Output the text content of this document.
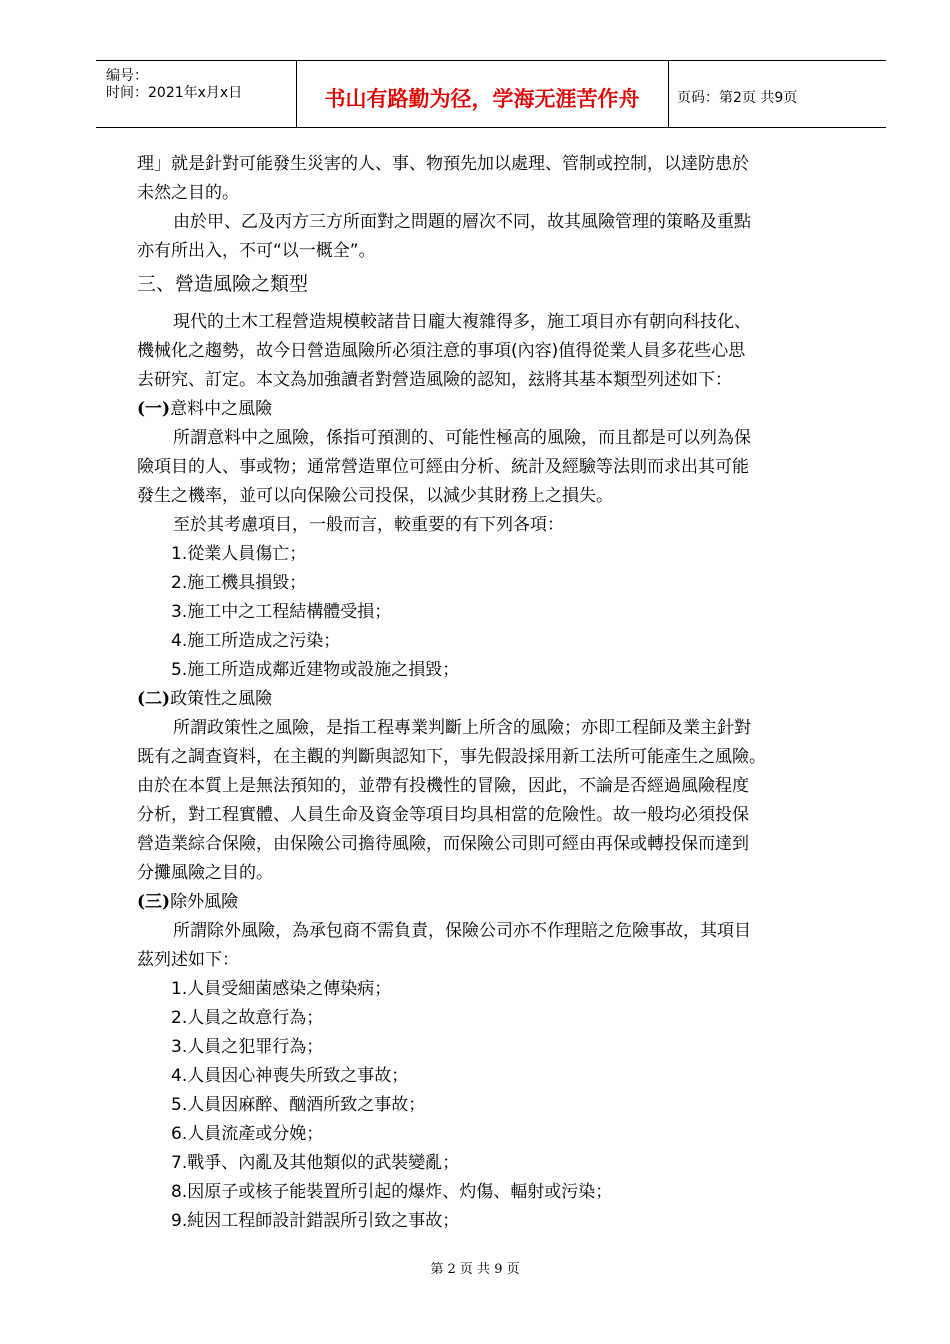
编号：
时间：2021年x月x日	书山有路勤为径，学海无涯苦作舟	页码：第2页 共9页
理」就是針對可能發生災害的人、事、物預先加以處理、管制或控制，以達防患於
未然之目的。
由於甲、乙及丙方三方所面對之問題的層次不同，故其風險管理的策略及重點
亦有所出入，不可“以一概全”。
三、營造風險之類型
現代的土木工程營造規模較諸昔日龐大複雜得多，施工項目亦有朝向科技化、
機械化之趨勢，故今日營造風險所必須注意的事項(內容)值得從業人員多花些心思
去研究、訂定。本文為加強讀者對營造風險的認知，玆將其基本類型列述如下：
(一)意料中之風險
所謂意料中之風險，係指可預測的、可能性極高的風險，而且都是可以列為保
險項目的人、事或物；通常營造單位可經由分析、統計及經驗等法則而求出其可能
發生之機率，並可以向保險公司投保，以減少其財務上之損失。
至於其考慮項目，一般而言，較重要的有下列各項：
1.從業人員傷亡；
2.施工機具損毀；
3.施工中之工程結構體受損；
4.施工所造成之污染；
5.施工所造成鄰近建物或設施之損毀；
(二)政策性之風險
所謂政策性之風險，是指工程專業判斷上所含的風險；亦即工程師及業主針對
既有之調查資料，在主觀的判斷與認知下，事先假設採用新工法所可能產生之風險。
由於在本質上是無法預知的，並帶有投機性的冒險，因此，不論是否經過風險程度
分析，對工程實體、人員生命及資金等項目均具相當的危險性。故一般均必須投保
營造業綜合保險，由保險公司擔待風險，而保險公司則可經由再保或轉投保而達到
分攤風險之目的。
(三)除外風險
所謂除外風險，為承包商不需負責，保險公司亦不作理賠之危險事故，其項目
茲列述如下：
1.人員受細菌感染之傳染病；
2.人員之故意行為；
3.人員之犯罪行為；
4.人員因心神喪失所致之事故；
5.人員因麻醉、酗酒所致之事故；
6.人員流產或分娩；
7.戰爭、內亂及其他類似的武裝變亂；
8.因原子或核子能裝置所引起的爆炸、灼傷、輻射或污染；
9.純因工程師設計錯誤所引致之事故；
第 2 页 共 9 页
